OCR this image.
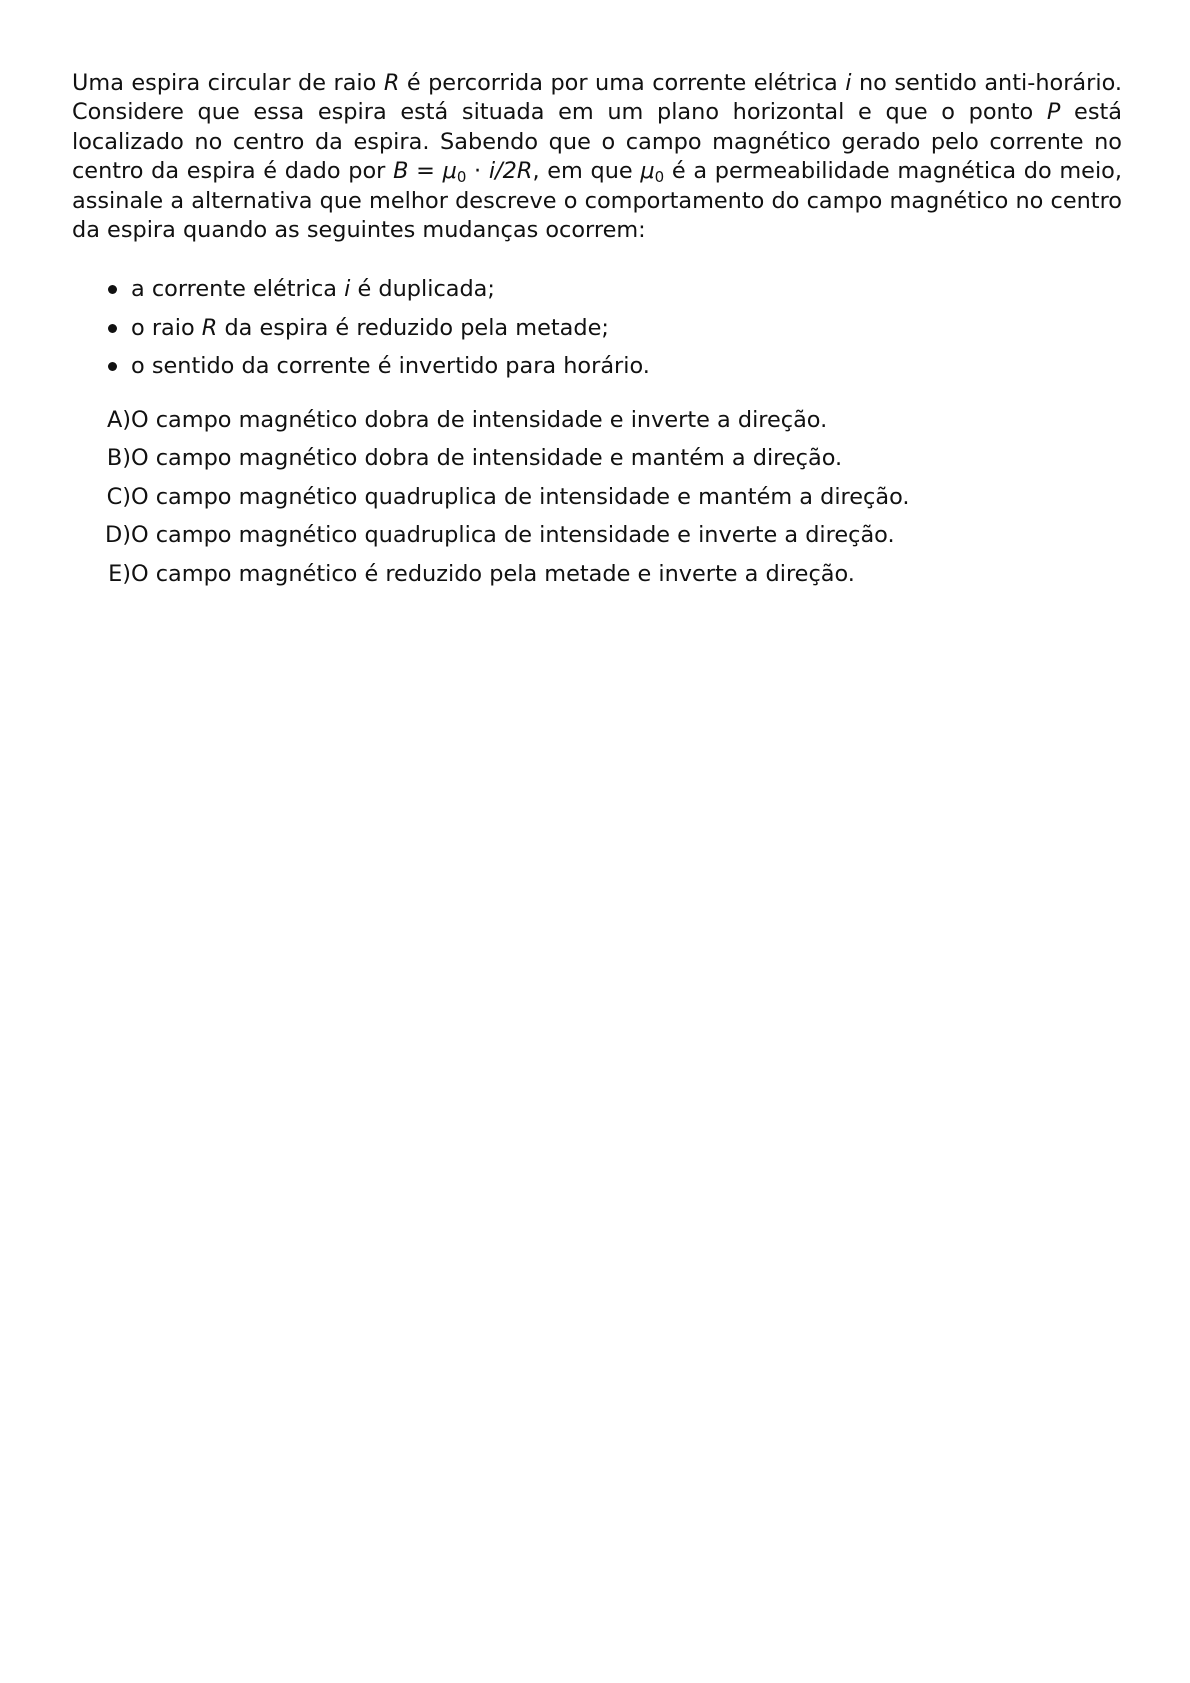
Uma espira circular de raio R é percorrida por uma corrente elétrica i no sentido anti-horário. Considere que essa espira está situada em um plano horizontal e que o ponto P está localizado no centro da espira. Sabendo que o campo magnético gerado pelo corrente no centro da espira é dado por $B = \mu_0 \cdot i/2R$, em que $\mu_0$ é a permeabilidade magnética do meio, assinale a alternativa que melhor descreve o comportamento do campo magnético no centro da espira quando as seguintes mudanças ocorrem:

a corrente elétrica i é duplicada;
o raio R da espira é reduzido pela metade;
o sentido da corrente é invertido para horário.
A) O campo magnético dobra de intensidade e inverte a direção.
B) O campo magnético dobra de intensidade e mantém a direção.
C) O campo magnético quadruplica de intensidade e mantém a direção.
D) O campo magnético quadruplica de intensidade e inverte a direção.
E) O campo magnético é reduzido pela metade e inverte a direção.
